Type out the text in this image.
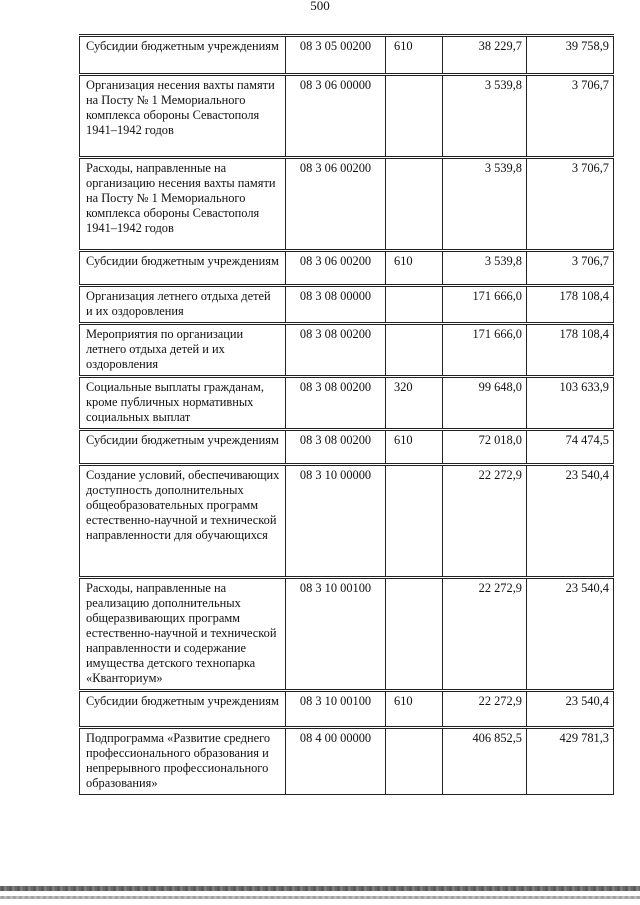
500
Субсидии бюджетным учреждениям	08 3 05 00200	610	38 229,7	39 758,9
Организация несения вахты памяти на Посту № 1 Мемориального комплекса обороны Севастополя 1941–1942 годов	08 3 06 00000		3 539,8	3 706,7
Расходы, направленные на организацию несения вахты памяти на Посту № 1 Мемориального комплекса обороны Севастополя 1941–1942 годов	08 3 06 00200		3 539,8	3 706,7
Субсидии бюджетным учреждениям	08 3 06 00200	610	3 539,8	3 706,7
Организация летнего отдыха детей и их оздоровления	08 3 08 00000		171 666,0	178 108,4
Мероприятия по организации летнего отдыха детей и их оздоровления	08 3 08 00200		171 666,0	178 108,4
Социальные выплаты гражданам, кроме публичных нормативных социальных выплат	08 3 08 00200	320	99 648,0	103 633,9
Субсидии бюджетным учреждениям	08 3 08 00200	610	72 018,0	74 474,5
Создание условий, обеспечивающих доступность дополнительных общеобразовательных программ естественно-научной и технической направленности для обучающихся	08 3 10 00000		22 272,9	23 540,4
Расходы, направленные на реализацию дополнительных общеразвивающих программ естественно-научной и технической направленности и содержание имущества детского технопарка «Кванториум»	08 3 10 00100		22 272,9	23 540,4
Субсидии бюджетным учреждениям	08 3 10 00100	610	22 272,9	23 540,4
Подпрограмма «Развитие среднего профессионального образования и непрерывного профессионального образования»	08 4 00 00000		406 852,5	429 781,3
